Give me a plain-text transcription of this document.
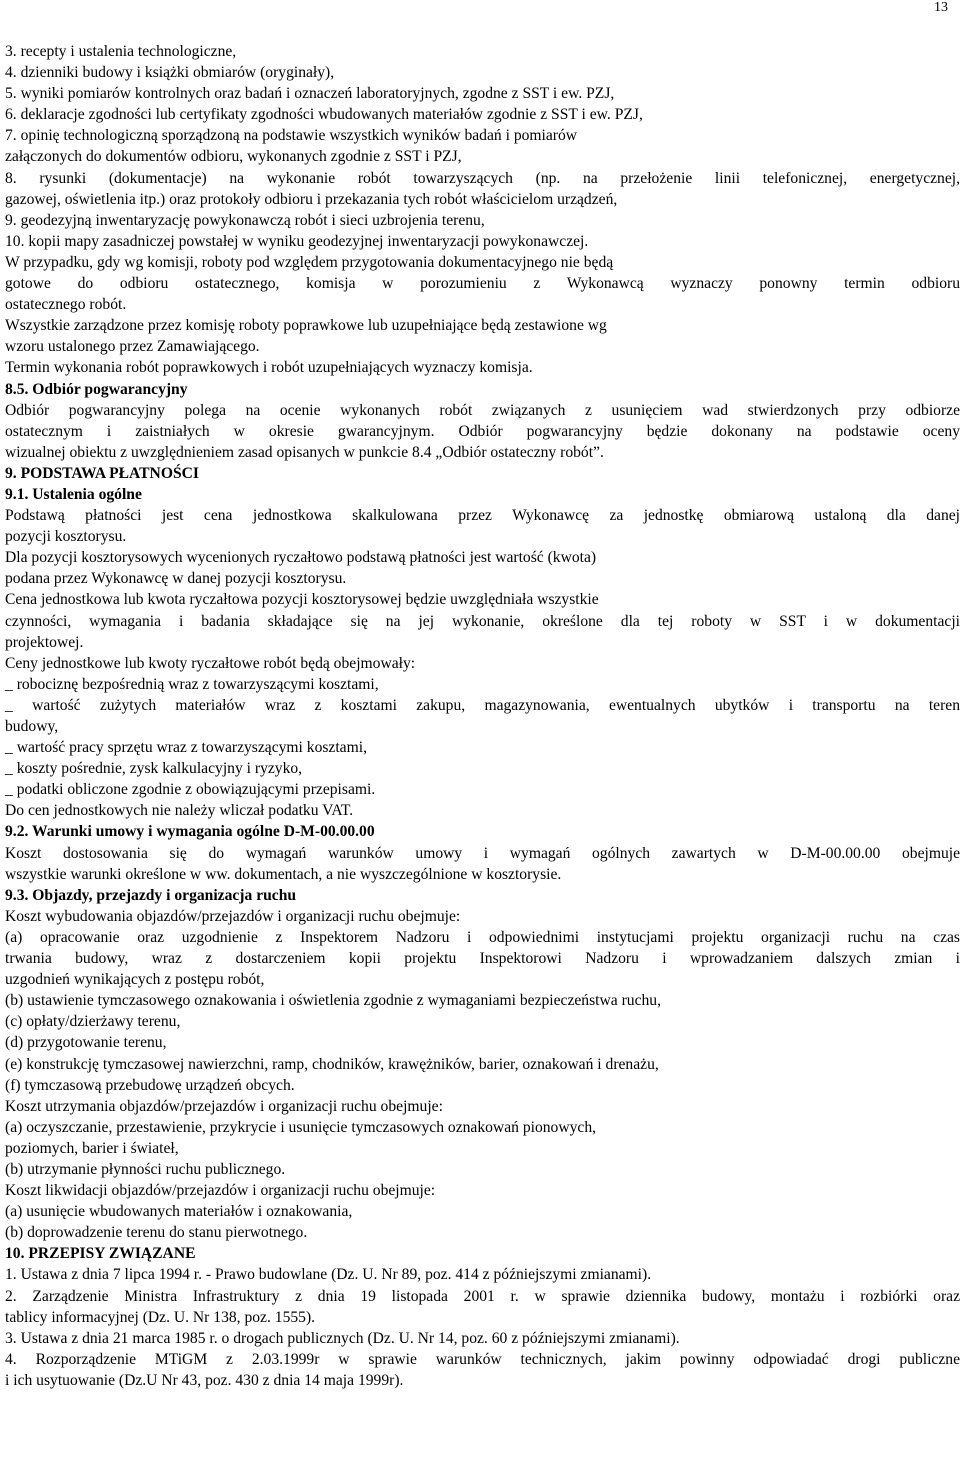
13
3. recepty i ustalenia technologiczne,
4. dzienniki budowy i książki obmiarów (oryginały),
5. wyniki pomiarów kontrolnych oraz badań i oznaczeń laboratoryjnych, zgodne z SST i ew. PZJ,
6. deklaracje zgodności lub certyfikaty zgodności wbudowanych materiałów zgodnie z SST i ew. PZJ,
7. opinię technologiczną sporządzoną na podstawie wszystkich wyników badań i pomiarów
załączonych do dokumentów odbioru, wykonanych zgodnie z SST i PZJ,
8. rysunki (dokumentacje) na wykonanie robót towarzyszących (np. na przełożenie linii telefonicznej, energetycznej,
gazowej, oświetlenia itp.) oraz protokoły odbioru i przekazania tych robót właścicielom urządzeń,
9. geodezyjną inwentaryzację powykonawczą robót i sieci uzbrojenia terenu,
10. kopii mapy zasadniczej powstałej w wyniku geodezyjnej inwentaryzacji powykonawczej.
W przypadku, gdy wg komisji, roboty pod względem przygotowania dokumentacyjnego nie będą
gotowe do odbioru ostatecznego, komisja w porozumieniu z Wykonawcą wyznaczy ponowny termin odbioru
ostatecznego robót.
Wszystkie zarządzone przez komisję roboty poprawkowe lub uzupełniające będą zestawione wg
wzoru ustalonego przez Zamawiającego.
Termin wykonania robót poprawkowych i robót uzupełniających wyznaczy komisja.
8.5. Odbiór pogwarancyjny
Odbiór pogwarancyjny polega na ocenie wykonanych robót związanych z usunięciem wad stwierdzonych przy odbiorze
ostatecznym i zaistniałych w okresie gwarancyjnym. Odbiór pogwarancyjny będzie dokonany na podstawie oceny
wizualnej obiektu z uwzględnieniem zasad opisanych w punkcie 8.4 „Odbiór ostateczny robót”.
9. PODSTAWA PŁATNOŚCI
9.1. Ustalenia ogólne
Podstawą płatności jest cena jednostkowa skalkulowana przez Wykonawcę za jednostkę obmiarową ustaloną dla danej
pozycji kosztorysu.
Dla pozycji kosztorysowych wycenionych ryczałtowo podstawą płatności jest wartość (kwota)
podana przez Wykonawcę w danej pozycji kosztorysu.
Cena jednostkowa lub kwota ryczałtowa pozycji kosztorysowej będzie uwzględniała wszystkie
czynności, wymagania i badania składające się na jej wykonanie, określone dla tej roboty w SST i w dokumentacji
projektowej.
Ceny jednostkowe lub kwoty ryczałtowe robót będą obejmowały:
_ robociznę bezpośrednią wraz z towarzyszącymi kosztami,
_ wartość zużytych materiałów wraz z kosztami zakupu, magazynowania, ewentualnych ubytków i transportu na teren
budowy,
_ wartość pracy sprzętu wraz z towarzyszącymi kosztami,
_ koszty pośrednie, zysk kalkulacyjny i ryzyko,
_ podatki obliczone zgodnie z obowiązującymi przepisami.
Do cen jednostkowych nie należy wliczał podatku VAT.
9.2. Warunki umowy i wymagania ogólne D-M-00.00.00
Koszt dostosowania się do wymagań warunków umowy i wymagań ogólnych zawartych w D-M-00.00.00 obejmuje
wszystkie warunki określone w ww. dokumentach, a nie wyszczególnione w kosztorysie.
9.3. Objazdy, przejazdy i organizacja ruchu
Koszt wybudowania objazdów/przejazdów i organizacji ruchu obejmuje:
(a) opracowanie oraz uzgodnienie z Inspektorem Nadzoru i odpowiednimi instytucjami projektu organizacji ruchu na czas
trwania budowy, wraz z dostarczeniem kopii projektu Inspektorowi Nadzoru i wprowadzaniem dalszych zmian i
uzgodnień wynikających z postępu robót,
(b) ustawienie tymczasowego oznakowania i oświetlenia zgodnie z wymaganiami bezpieczeństwa ruchu,
(c) opłaty/dzierżawy terenu,
(d) przygotowanie terenu,
(e) konstrukcję tymczasowej nawierzchni, ramp, chodników, krawężników, barier, oznakowań i drenażu,
(f) tymczasową przebudowę urządzeń obcych.
Koszt utrzymania objazdów/przejazdów i organizacji ruchu obejmuje:
(a) oczyszczanie, przestawienie, przykrycie i usunięcie tymczasowych oznakowań pionowych,
poziomych, barier i świateł,
(b) utrzymanie płynności ruchu publicznego.
Koszt likwidacji objazdów/przejazdów i organizacji ruchu obejmuje:
(a) usunięcie wbudowanych materiałów i oznakowania,
(b) doprowadzenie terenu do stanu pierwotnego.
10. PRZEPISY ZWIĄZANE
1. Ustawa z dnia 7 lipca 1994 r. - Prawo budowlane (Dz. U. Nr 89, poz. 414 z późniejszymi zmianami).
2. Zarządzenie Ministra Infrastruktury z dnia 19 listopada 2001 r. w sprawie dziennika budowy, montażu i rozbiórki oraz
tablicy informacyjnej (Dz. U. Nr 138, poz. 1555).
3. Ustawa z dnia 21 marca 1985 r. o drogach publicznych (Dz. U. Nr 14, poz. 60 z późniejszymi zmianami).
4. Rozporządzenie MTiGM z 2.03.1999r w sprawie warunków technicznych, jakim powinny odpowiadać drogi publiczne
i ich usytuowanie (Dz.U Nr 43, poz. 430 z dnia 14 maja 1999r).
